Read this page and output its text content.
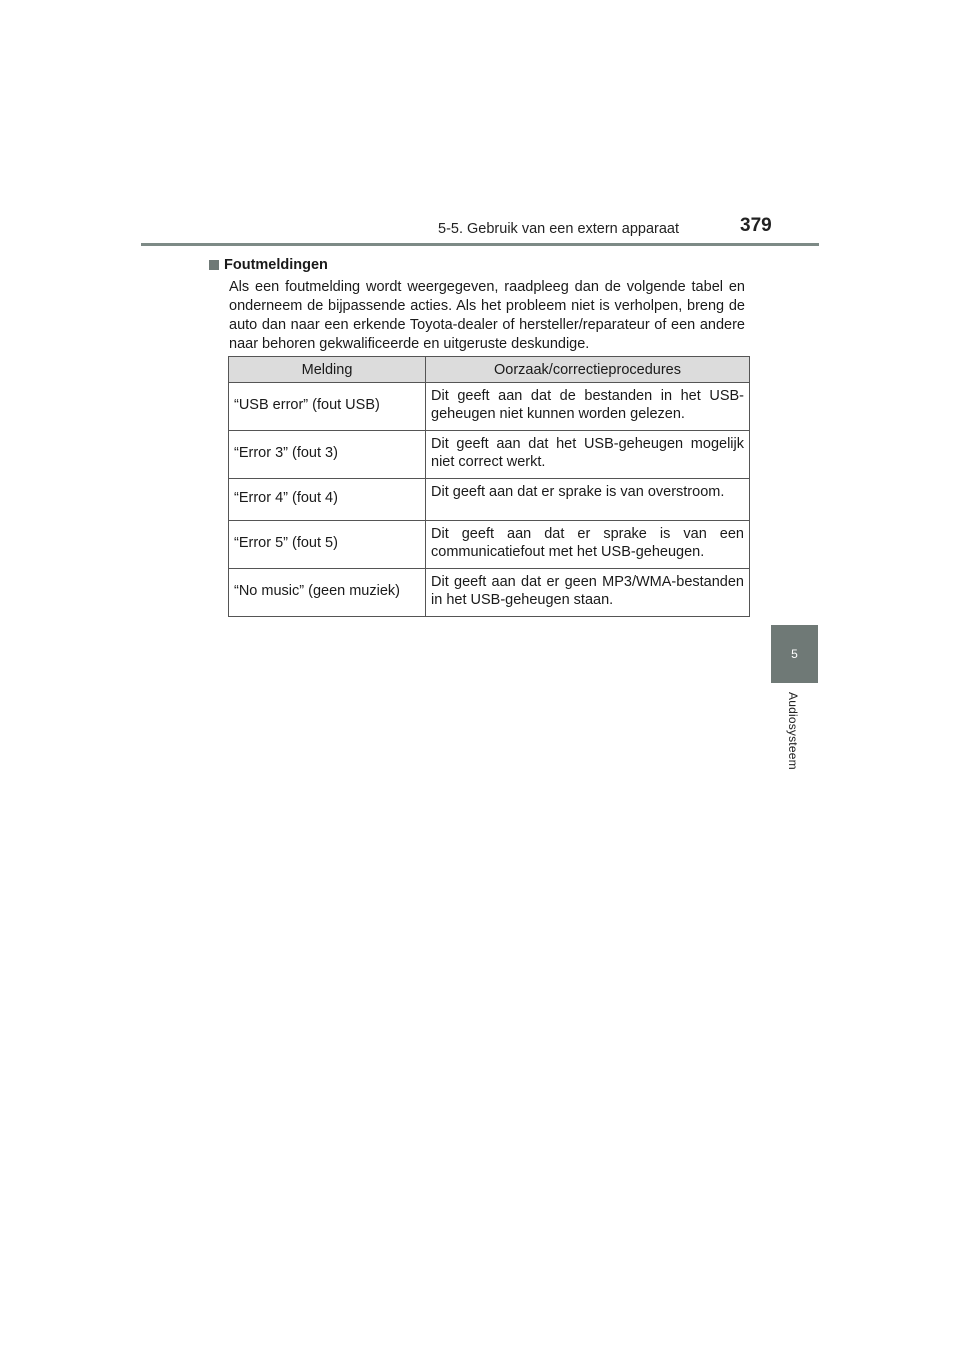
5-5. Gebruik van een extern apparaat	379
5
Audiosysteem
Foutmeldingen
Als een foutmelding wordt weergegeven, raadpleeg dan de volgende tabel en onderneem de bijpassende acties. Als het probleem niet is verholpen, breng de auto dan naar een erkende Toyota-dealer of hersteller/reparateur of een andere naar behoren gekwalificeerde en uitgeruste deskundige.
Melding	Oorzaak/correctieprocedures
“USB error” (fout USB)	Dit geeft aan dat de bestanden in het USB-geheugen niet kunnen worden gelezen.
“Error 3” (fout 3)	Dit geeft aan dat het USB-geheugen mogelijk niet correct werkt.
“Error 4” (fout 4)	Dit geeft aan dat er sprake is van overstroom.
“Error 5” (fout 5)	Dit geeft aan dat er sprake is van een communicatiefout met het USB-geheugen.
“No music” (geen muziek)	Dit geeft aan dat er geen MP3/WMA-bestanden in het USB-geheugen staan.
